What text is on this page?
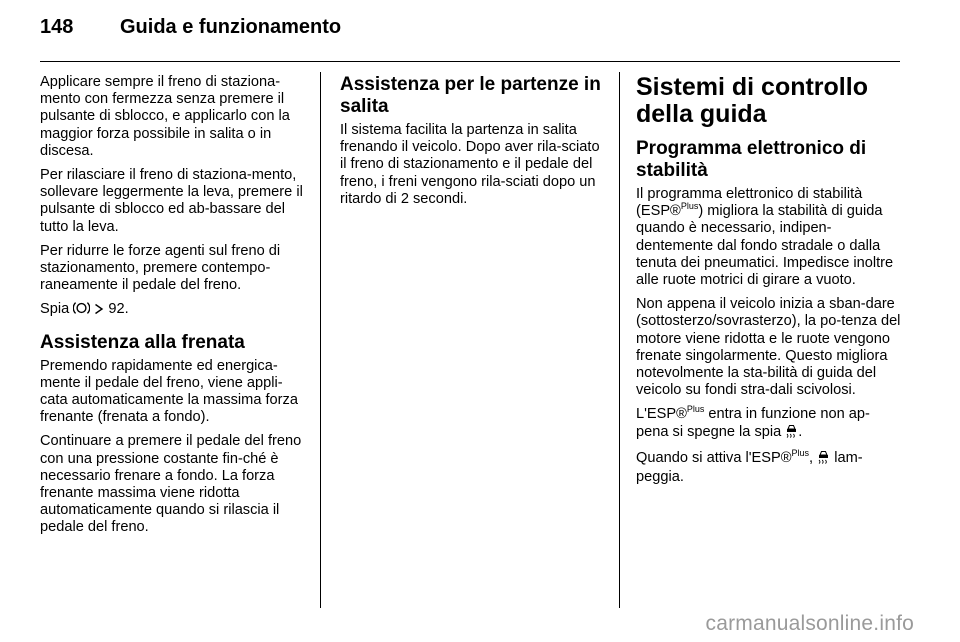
148 Guida e funzionamento

Applicare sempre il freno di staziona-mento con fermezza senza premere il pulsante di sblocco, e applicarlo con la maggior forza possibile in salita o in discesa.

Per rilasciare il freno di staziona-mento, sollevare leggermente la leva, premere il pulsante di sblocco ed ab-bassare del tutto la leva.

Per ridurre le forze agenti sul freno di stazionamento, premere contempo-raneamente il pedale del freno.

Spia	92.

Assistenza alla frenata

Premendo rapidamente ed energica-mente il pedale del freno, viene appli-cata automaticamente la massima forza frenante (frenata a fondo).

Continuare a premere il pedale del freno con una pressione costante fin-ché è necessario frenare a fondo. La forza frenante massima viene ridotta automaticamente quando si rilascia il pedale del freno.

Assistenza per le partenze in salita

Il sistema facilita la partenza in salita frenando il veicolo. Dopo aver rila-sciato il freno di stazionamento e il pedale del freno, i freni vengono rila-sciati dopo un ritardo di 2 secondi.

Sistemi di controllo della guida
Programma elettronico di stabilità

Il programma elettronico di stabilità (ESP®$^{Plus}$) migliora la stabilità di guida quando è necessario, indipen-dentemente dal fondo stradale o dalla tenuta dei pneumatici. Impedisce inoltre alle ruote motrici di girare a vuoto.

Non appena il veicolo inizia a sban-dare (sottosterzo/sovrasterzo), la po-tenza del motore viene ridotta e le ruote vengono frenate singolarmente. Questo migliora notevolmente la sta-bilità di guida del veicolo su fondi stra-dali scivolosi.

L'ESP®$^{Plus}$ entra in funzione non ap-pena si spegne la spia .

Quando si attiva l'ESP®$^{Plus}$,  lam-peggia.

carmanualsonline.info
